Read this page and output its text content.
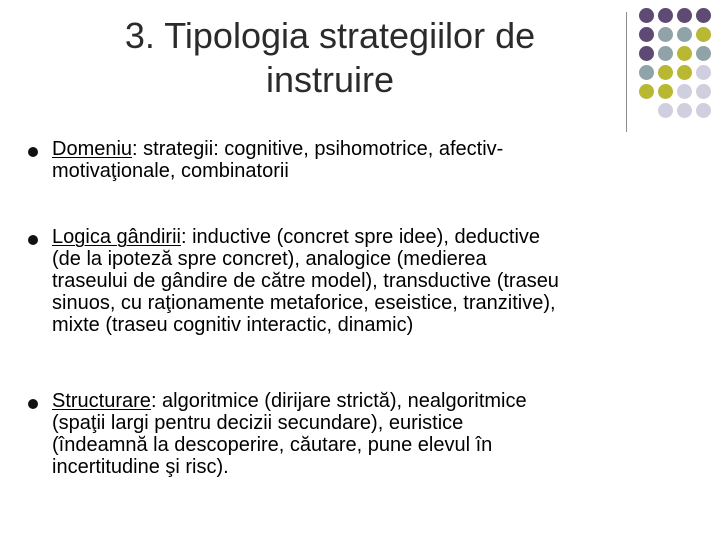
3. Tipologia strategiilor de
instruire
Domeniu: strategii: cognitive, psihomotrice, afectiv-
motivaţionale, combinatorii
Logica gândirii: inductive (concret spre idee), deductive
(de la ipoteză spre concret), analogice (medierea
traseului de gândire de către model), transductive (traseu
sinuos, cu raţionamente metaforice, eseistice, tranzitive),
mixte (traseu cognitiv interactic, dinamic)
Structurare: algoritmice (dirijare strictă), nealgoritmice
(spaţii largi pentru decizii secundare), euristice
(îndeamnă la descoperire, căutare, pune elevul în
incertitudine şi risc).
